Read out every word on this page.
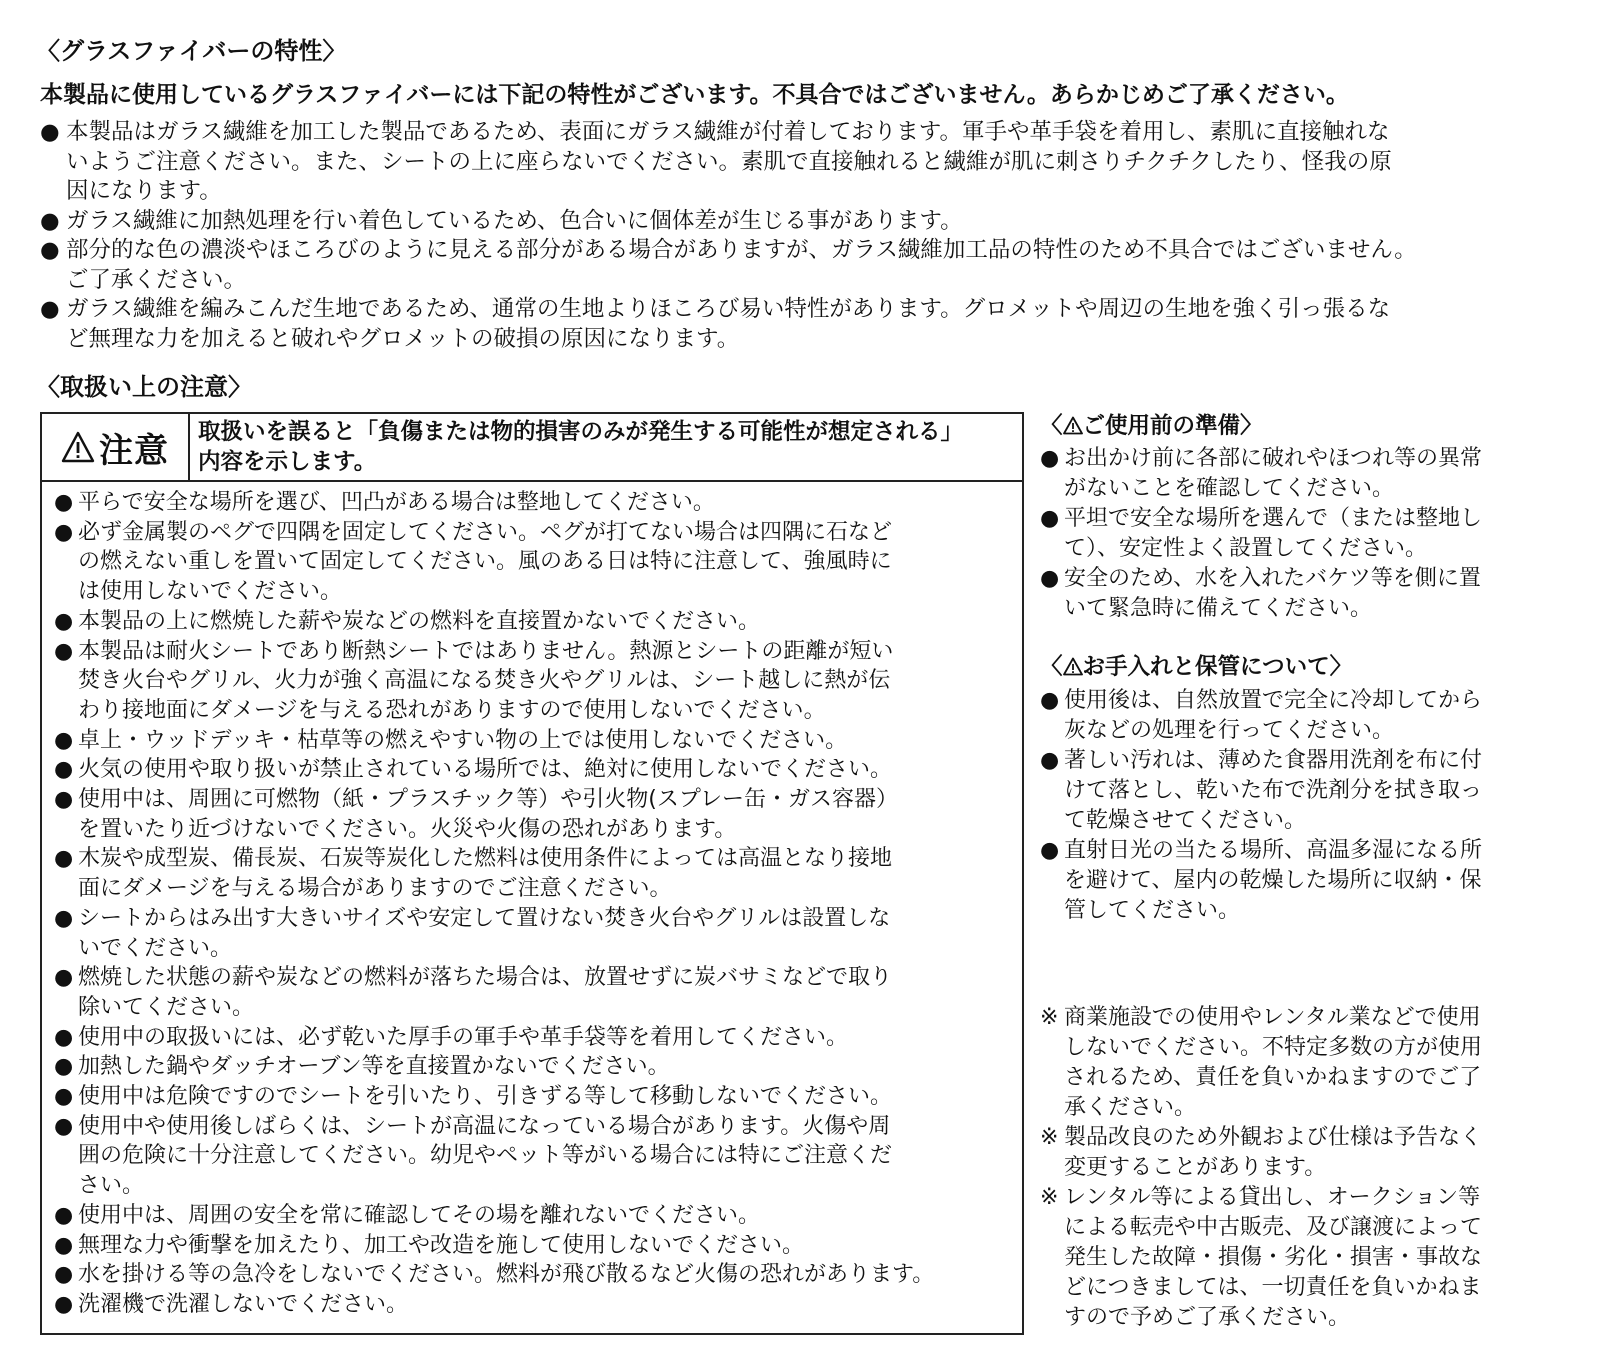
〈グラスファイバーの特性〉
本製品に使用しているグラスファイバーには下記の特性がございます。不具合ではございません。あらかじめご了承ください。
● 本製品はガラス繊維を加工した製品であるため、表面にガラス繊維が付着しております。軍手や革手袋を着用し、素肌に直接触れな
いようご注意ください。また、シートの上に座らないでください。素肌で直接触れると繊維が肌に刺さりチクチクしたり、怪我の原
因になります。
● ガラス繊維に加熱処理を行い着色しているため、色合いに個体差が生じる事があります。
● 部分的な色の濃淡やほころびのように見える部分がある場合がありますが、ガラス繊維加工品の特性のため不具合ではございません。
ご了承ください。
● ガラス繊維を編みこんだ生地であるため、通常の生地よりほころび易い特性があります。グロメットや周辺の生地を強く引っ張るな
ど無理な力を加えると破れやグロメットの破損の原因になります。
〈取扱い上の注意〉
注意 取扱いを誤ると「負傷または物的損害のみが発生する可能性が想定される」
内容を示します。
● 平らで安全な場所を選び、凹凸がある場合は整地してください。
● 必ず金属製のペグで四隅を固定してください。ペグが打てない場合は四隅に石など
の燃えない重しを置いて固定してください。風のある日は特に注意して、強風時に
は使用しないでください。
● 本製品の上に燃焼した薪や炭などの燃料を直接置かないでください。
● 本製品は耐火シートであり断熱シートではありません。熱源とシートの距離が短い
焚き火台やグリル、火力が強く高温になる焚き火やグリルは、シート越しに熱が伝
わり接地面にダメージを与える恐れがありますので使用しないでください。
● 卓上・ウッドデッキ・枯草等の燃えやすい物の上では使用しないでください。
● 火気の使用や取り扱いが禁止されている場所では、絶対に使用しないでください。
● 使用中は、周囲に可燃物（紙・プラスチック等）や引火物(スプレー缶・ガス容器）
を置いたり近づけないでください。火災や火傷の恐れがあります。
● 木炭や成型炭、備長炭、石炭等炭化した燃料は使用条件によっては高温となり接地
面にダメージを与える場合がありますのでご注意ください。
● シートからはみ出す大きいサイズや安定して置けない焚き火台やグリルは設置しな
いでください。
● 燃焼した状態の薪や炭などの燃料が落ちた場合は、放置せずに炭バサミなどで取り
除いてください。
● 使用中の取扱いには、必ず乾いた厚手の軍手や革手袋等を着用してください。
● 加熱した鍋やダッチオーブン等を直接置かないでください。
● 使用中は危険ですのでシートを引いたり、引きずる等して移動しないでください。
● 使用中や使用後しばらくは、シートが高温になっている場合があります。火傷や周
囲の危険に十分注意してください。幼児やペット等がいる場合には特にご注意くだ
さい。
● 使用中は、周囲の安全を常に確認してその場を離れないでください。
● 無理な力や衝撃を加えたり、加工や改造を施して使用しないでください。
● 水を掛ける等の急冷をしないでください。燃料が飛び散るなど火傷の恐れがあります。
● 洗濯機で洗濯しないでください。
〈 ご使用前の準備〉
● お出かけ前に各部に破れやほつれ等の異常
がないことを確認してください。
● 平坦で安全な場所を選んで（または整地し
て）、安定性よく設置してください。
● 安全のため、水を入れたバケツ等を側に置
いて緊急時に備えてください。
〈 お手入れと保管について〉
● 使用後は、自然放置で完全に冷却してから
灰などの処理を行ってください。
● 著しい汚れは、薄めた食器用洗剤を布に付
けて落とし、乾いた布で洗剤分を拭き取っ
て乾燥させてください。
● 直射日光の当たる場所、高温多湿になる所
を避けて、屋内の乾燥した場所に収納・保
管してください。
※ 商業施設での使用やレンタル業などで使用
しないでください。不特定多数の方が使用
されるため、責任を負いかねますのでご了
承ください。
※ 製品改良のため外観および仕様は予告なく
変更することがあります。
※ レンタル等による貸出し、オークション等
による転売や中古販売、及び譲渡によって
発生した故障・損傷・劣化・損害・事故な
どにつきましては、一切責任を負いかねま
すので予めご了承ください。
